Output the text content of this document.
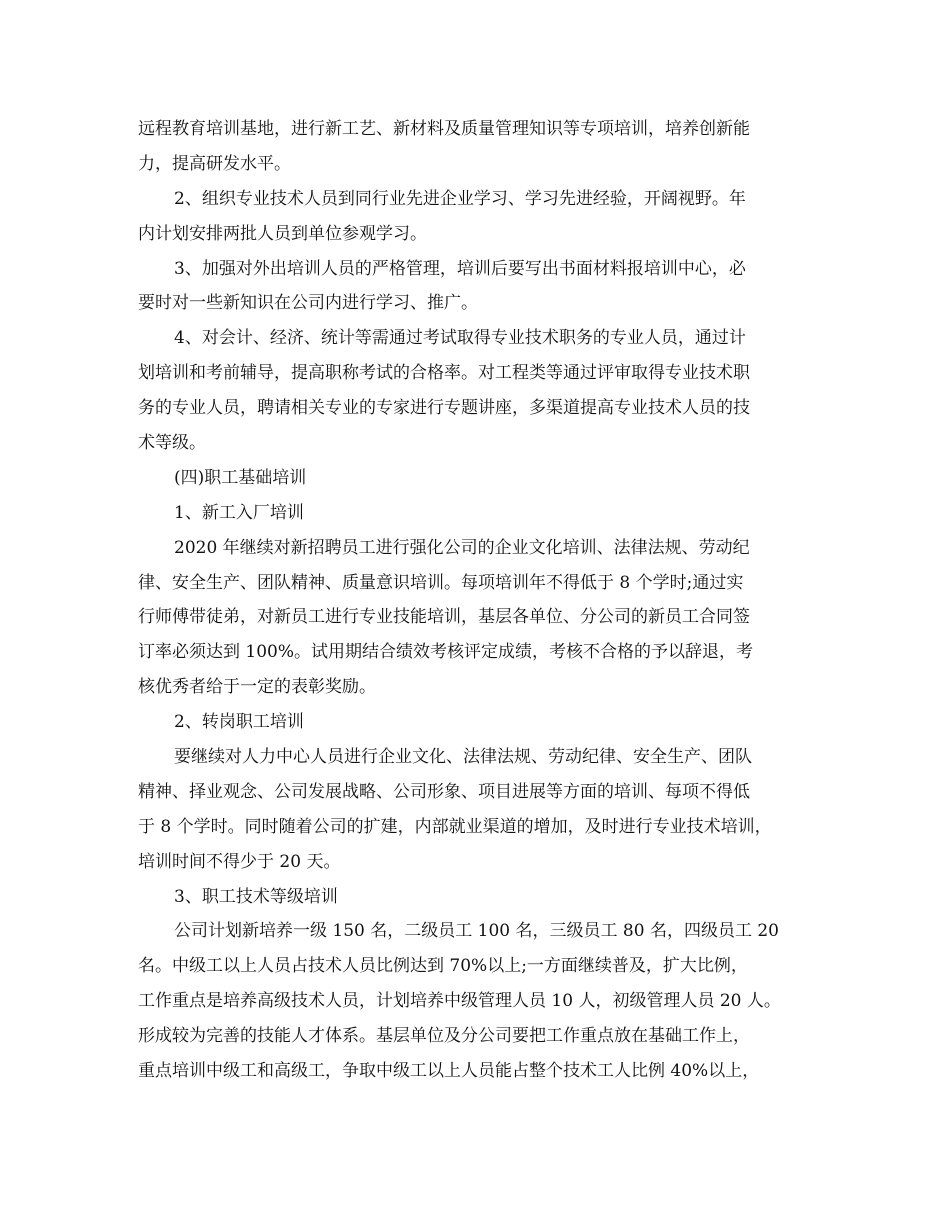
远程教育培训基地，进行新工艺、新材料及质量管理知识等专项培训，培养创新能
力，提高研发水平。
2、组织专业技术人员到同行业先进企业学习、学习先进经验，开阔视野。年
内计划安排两批人员到单位参观学习。
3、加强对外出培训人员的严格管理，培训后要写出书面材料报培训中心，必
要时对一些新知识在公司内进行学习、推广。
4、对会计、经济、统计等需通过考试取得专业技术职务的专业人员，通过计
划培训和考前辅导，提高职称考试的合格率。对工程类等通过评审取得专业技术职
务的专业人员，聘请相关专业的专家进行专题讲座，多渠道提高专业技术人员的技
术等级。
(四)职工基础培训
1、新工入厂培训
2020 年继续对新招聘员工进行强化公司的企业文化培训、法律法规、劳动纪
律、安全生产、团队精神、质量意识培训。每项培训年不得低于 8 个学时;通过实
行师傅带徒弟，对新员工进行专业技能培训，基层各单位、分公司的新员工合同签
订率必须达到 100%。试用期结合绩效考核评定成绩，考核不合格的予以辞退，考
核优秀者给于一定的表彰奖励。
2、转岗职工培训
要继续对人力中心人员进行企业文化、法律法规、劳动纪律、安全生产、团队
精神、择业观念、公司发展战略、公司形象、项目进展等方面的培训、每项不得低
于 8 个学时。同时随着公司的扩建，内部就业渠道的增加，及时进行专业技术培训，
培训时间不得少于 20 天。
3、职工技术等级培训
公司计划新培养一级 150 名，二级员工 100 名，三级员工 80 名，四级员工 20
名。中级工以上人员占技术人员比例达到 70%以上;一方面继续普及，扩大比例，
工作重点是培养高级技术人员，计划培养中级管理人员 10 人，初级管理人员 20 人。
形成较为完善的技能人才体系。基层单位及分公司要把工作重点放在基础工作上，
重点培训中级工和高级工，争取中级工以上人员能占整个技术工人比例 40%以上，
